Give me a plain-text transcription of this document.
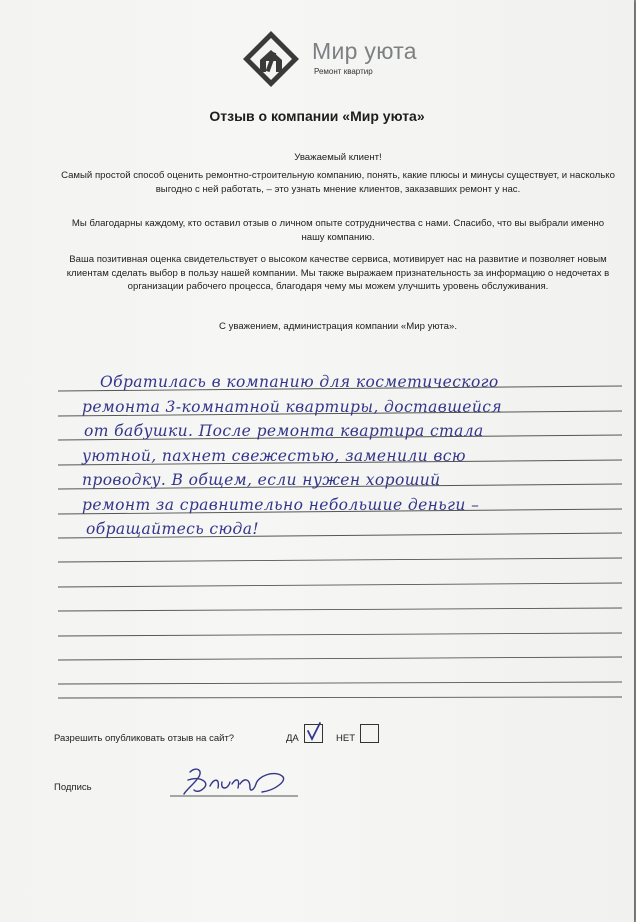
Мир уюта
Ремонт квартир
Отзыв о компании «Мир уюта»
Уважаемый клиент!
Самый простой способ оценить ремонтно-строительную компанию, понять, какие плюсы и минусы существует, и насколько выгодно с ней работать, – это узнать мнение клиентов, заказавших ремонт у нас.
Мы благодарны каждому, кто оставил отзыв о личном опыте сотрудничества с нами. Спасибо, что вы выбрали именно нашу компанию.
Ваша позитивная оценка свидетельствует о высоком качестве сервиса, мотивирует нас на развитие и позволяет новым клиентам сделать выбор в пользу нашей компании. Мы также выражаем признательность за информацию о недочетах в организации рабочего процесса, благодаря чему мы можем улучшить уровень обслуживания.
С уважением, администрация компании «Мир уюта».
Обратилась в компанию для косметического
ремонта 3-комнатной квартиры, доставшейся
от бабушки. После ремонта квартира стала
уютной, пахнет свежестью, заменили всю
проводку. В общем, если нужен хороший
ремонт за сравнительно небольшие деньги –
обращайтесь сюда!
Разрешить опубликовать отзыв на сайт?	ДА	НЕТ
Подпись
